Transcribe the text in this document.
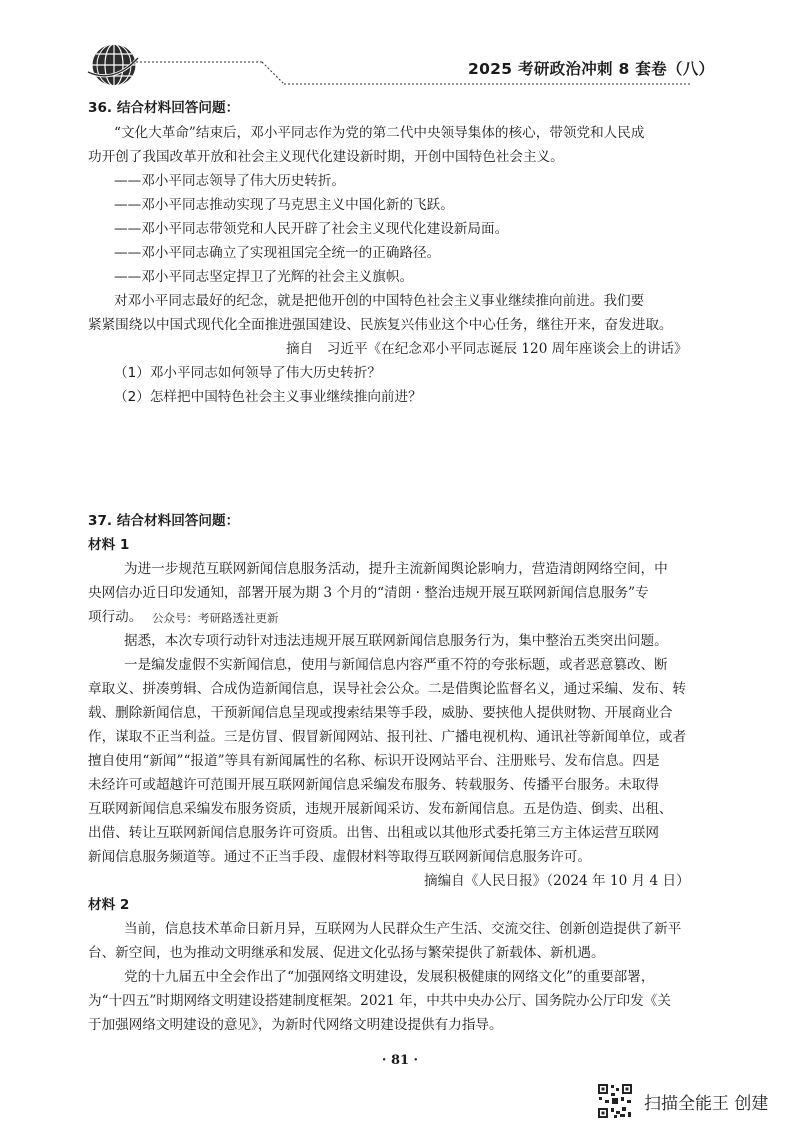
2025 考研政治冲刺 8 套卷（八）
36. 结合材料回答问题：
“文化大革命”结束后，邓小平同志作为党的第二代中央领导集体的核心，带领党和人民成
功开创了我国改革开放和社会主义现代化建设新时期，开创中国特色社会主义。
——邓小平同志领导了伟大历史转折。
——邓小平同志推动实现了马克思主义中国化新的飞跃。
——邓小平同志带领党和人民开辟了社会主义现代化建设新局面。
——邓小平同志确立了实现祖国完全统一的正确路径。
——邓小平同志坚定捍卫了光辉的社会主义旗帜。
对邓小平同志最好的纪念，就是把他开创的中国特色社会主义事业继续推向前进。我们要
紧紧围绕以中国式现代化全面推进强国建设、民族复兴伟业这个中心任务，继往开来，奋发进取。
摘自　习近平《在纪念邓小平同志诞辰 120 周年座谈会上的讲话》
（1）邓小平同志如何领导了伟大历史转折？
（2）怎样把中国特色社会主义事业继续推向前进？
37. 结合材料回答问题：
材料 1
为进一步规范互联网新闻信息服务活动，提升主流新闻舆论影响力，营造清朗网络空间，中
央网信办近日印发通知，部署开展为期 3 个月的“清朗 · 整治违规开展互联网新闻信息服务”专
项行动。 公众号：考研路透社更新
据悉，本次专项行动针对违法违规开展互联网新闻信息服务行为，集中整治五类突出问题。
一是编发虚假不实新闻信息，使用与新闻信息内容严重不符的夸张标题，或者恶意篡改、断
章取义、拼凑剪辑、合成伪造新闻信息，误导社会公众。二是借舆论监督名义，通过采编、发布、转
载、删除新闻信息，干预新闻信息呈现或搜索结果等手段，威胁、要挟他人提供财物、开展商业合
作，谋取不正当利益。三是仿冒、假冒新闻网站、报刊社、广播电视机构、通讯社等新闻单位，或者
擅自使用“新闻”“报道”等具有新闻属性的名称、标识开设网站平台、注册账号、发布信息。四是
未经许可或超越许可范围开展互联网新闻信息采编发布服务、转载服务、传播平台服务。未取得
互联网新闻信息采编发布服务资质，违规开展新闻采访、发布新闻信息。五是伪造、倒卖、出租、
出借、转让互联网新闻信息服务许可资质。出售、出租或以其他形式委托第三方主体运营互联网
新闻信息服务频道等。通过不正当手段、虚假材料等取得互联网新闻信息服务许可。
摘编自《人民日报》（2024 年 10 月 4 日）
材料 2
当前，信息技术革命日新月异，互联网为人民群众生产生活、交流交往、创新创造提供了新平
台、新空间，也为推动文明继承和发展、促进文化弘扬与繁荣提供了新载体、新机遇。
党的十九届五中全会作出了“加强网络文明建设，发展积极健康的网络文化”的重要部署，
为“十四五”时期网络文明建设搭建制度框架。2021 年，中共中央办公厅、国务院办公厅印发《关
于加强网络文明建设的意见》，为新时代网络文明建设提供有力指导。
· 81 ·
扫描全能王 创建
